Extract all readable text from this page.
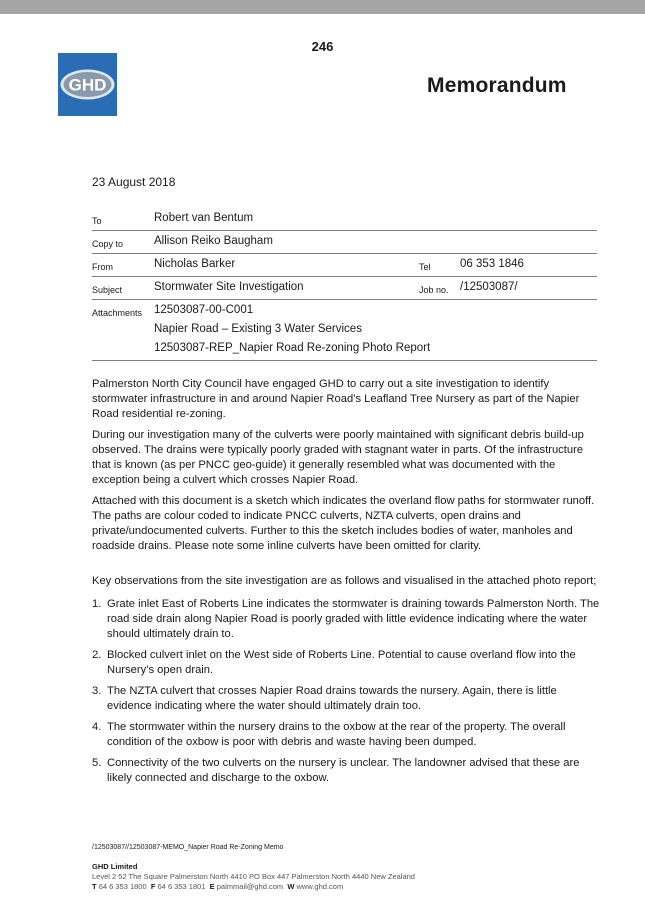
246
GHD	Memorandum
23 August 2018
To	Robert van Bentum
Copy to	Allison Reiko Baugham
From	Nicholas Barker	Tel	06 353 1846
Subject	Stormwater Site Investigation	Job no. /12503087/
Attachments 12503087-00-C001
Napier Road – Existing 3 Water Services
12503087-REP_Napier Road Re-zoning Photo Report

Palmerston North City Council have engaged GHD to carry out a site investigation to identify stormwater infrastructure in and around Napier Road’s Leafland Tree Nursery as part of the Napier Road residential re-zoning.

During our investigation many of the culverts were poorly maintained with significant debris build-up observed. The drains were typically poorly graded with stagnant water in parts. Of the infrastructure that is known (as per PNCC geo-guide) it generally resembled what was documented with the exception being a culvert which crosses Napier Road.

Attached with this document is a sketch which indicates the overland flow paths for stormwater runoff. The paths are colour coded to indicate PNCC culverts, NZTA culverts, open drains and private/undocumented culverts. Further to this the sketch includes bodies of water, manholes and roadside drains. Please note some inline culverts have been omitted for clarity.

Key observations from the site investigation are as follows and visualised in the attached photo report;

1. Grate inlet East of Roberts Line indicates the stormwater is draining towards Palmerston North. The road side drain along Napier Road is poorly graded with little evidence indicating where the water should ultimately drain to.
2. Blocked culvert inlet on the West side of Roberts Line. Potential to cause overland flow into the Nursery’s open drain.
3. The NZTA culvert that crosses Napier Road drains towards the nursery. Again, there is little evidence indicating where the water should ultimately drain too.
4. The stormwater within the nursery drains to the oxbow at the rear of the property. The overall condition of the oxbow is poor with debris and waste having been dumped.
5. Connectivity of the two culverts on the nursery is unclear. The landowner advised that these are likely connected and discharge to the oxbow.
/12503087//12503087-MEMO_Napier Road Re-Zoning Memo
GHD Limited
Level 2 52 The Square Palmerston North 4410 PO Box 447 Palmerston North 4440 New Zealand
T 64 6 353 1800 F 64 6 353 1801 E palmmail@ghd.com W www.ghd.com
